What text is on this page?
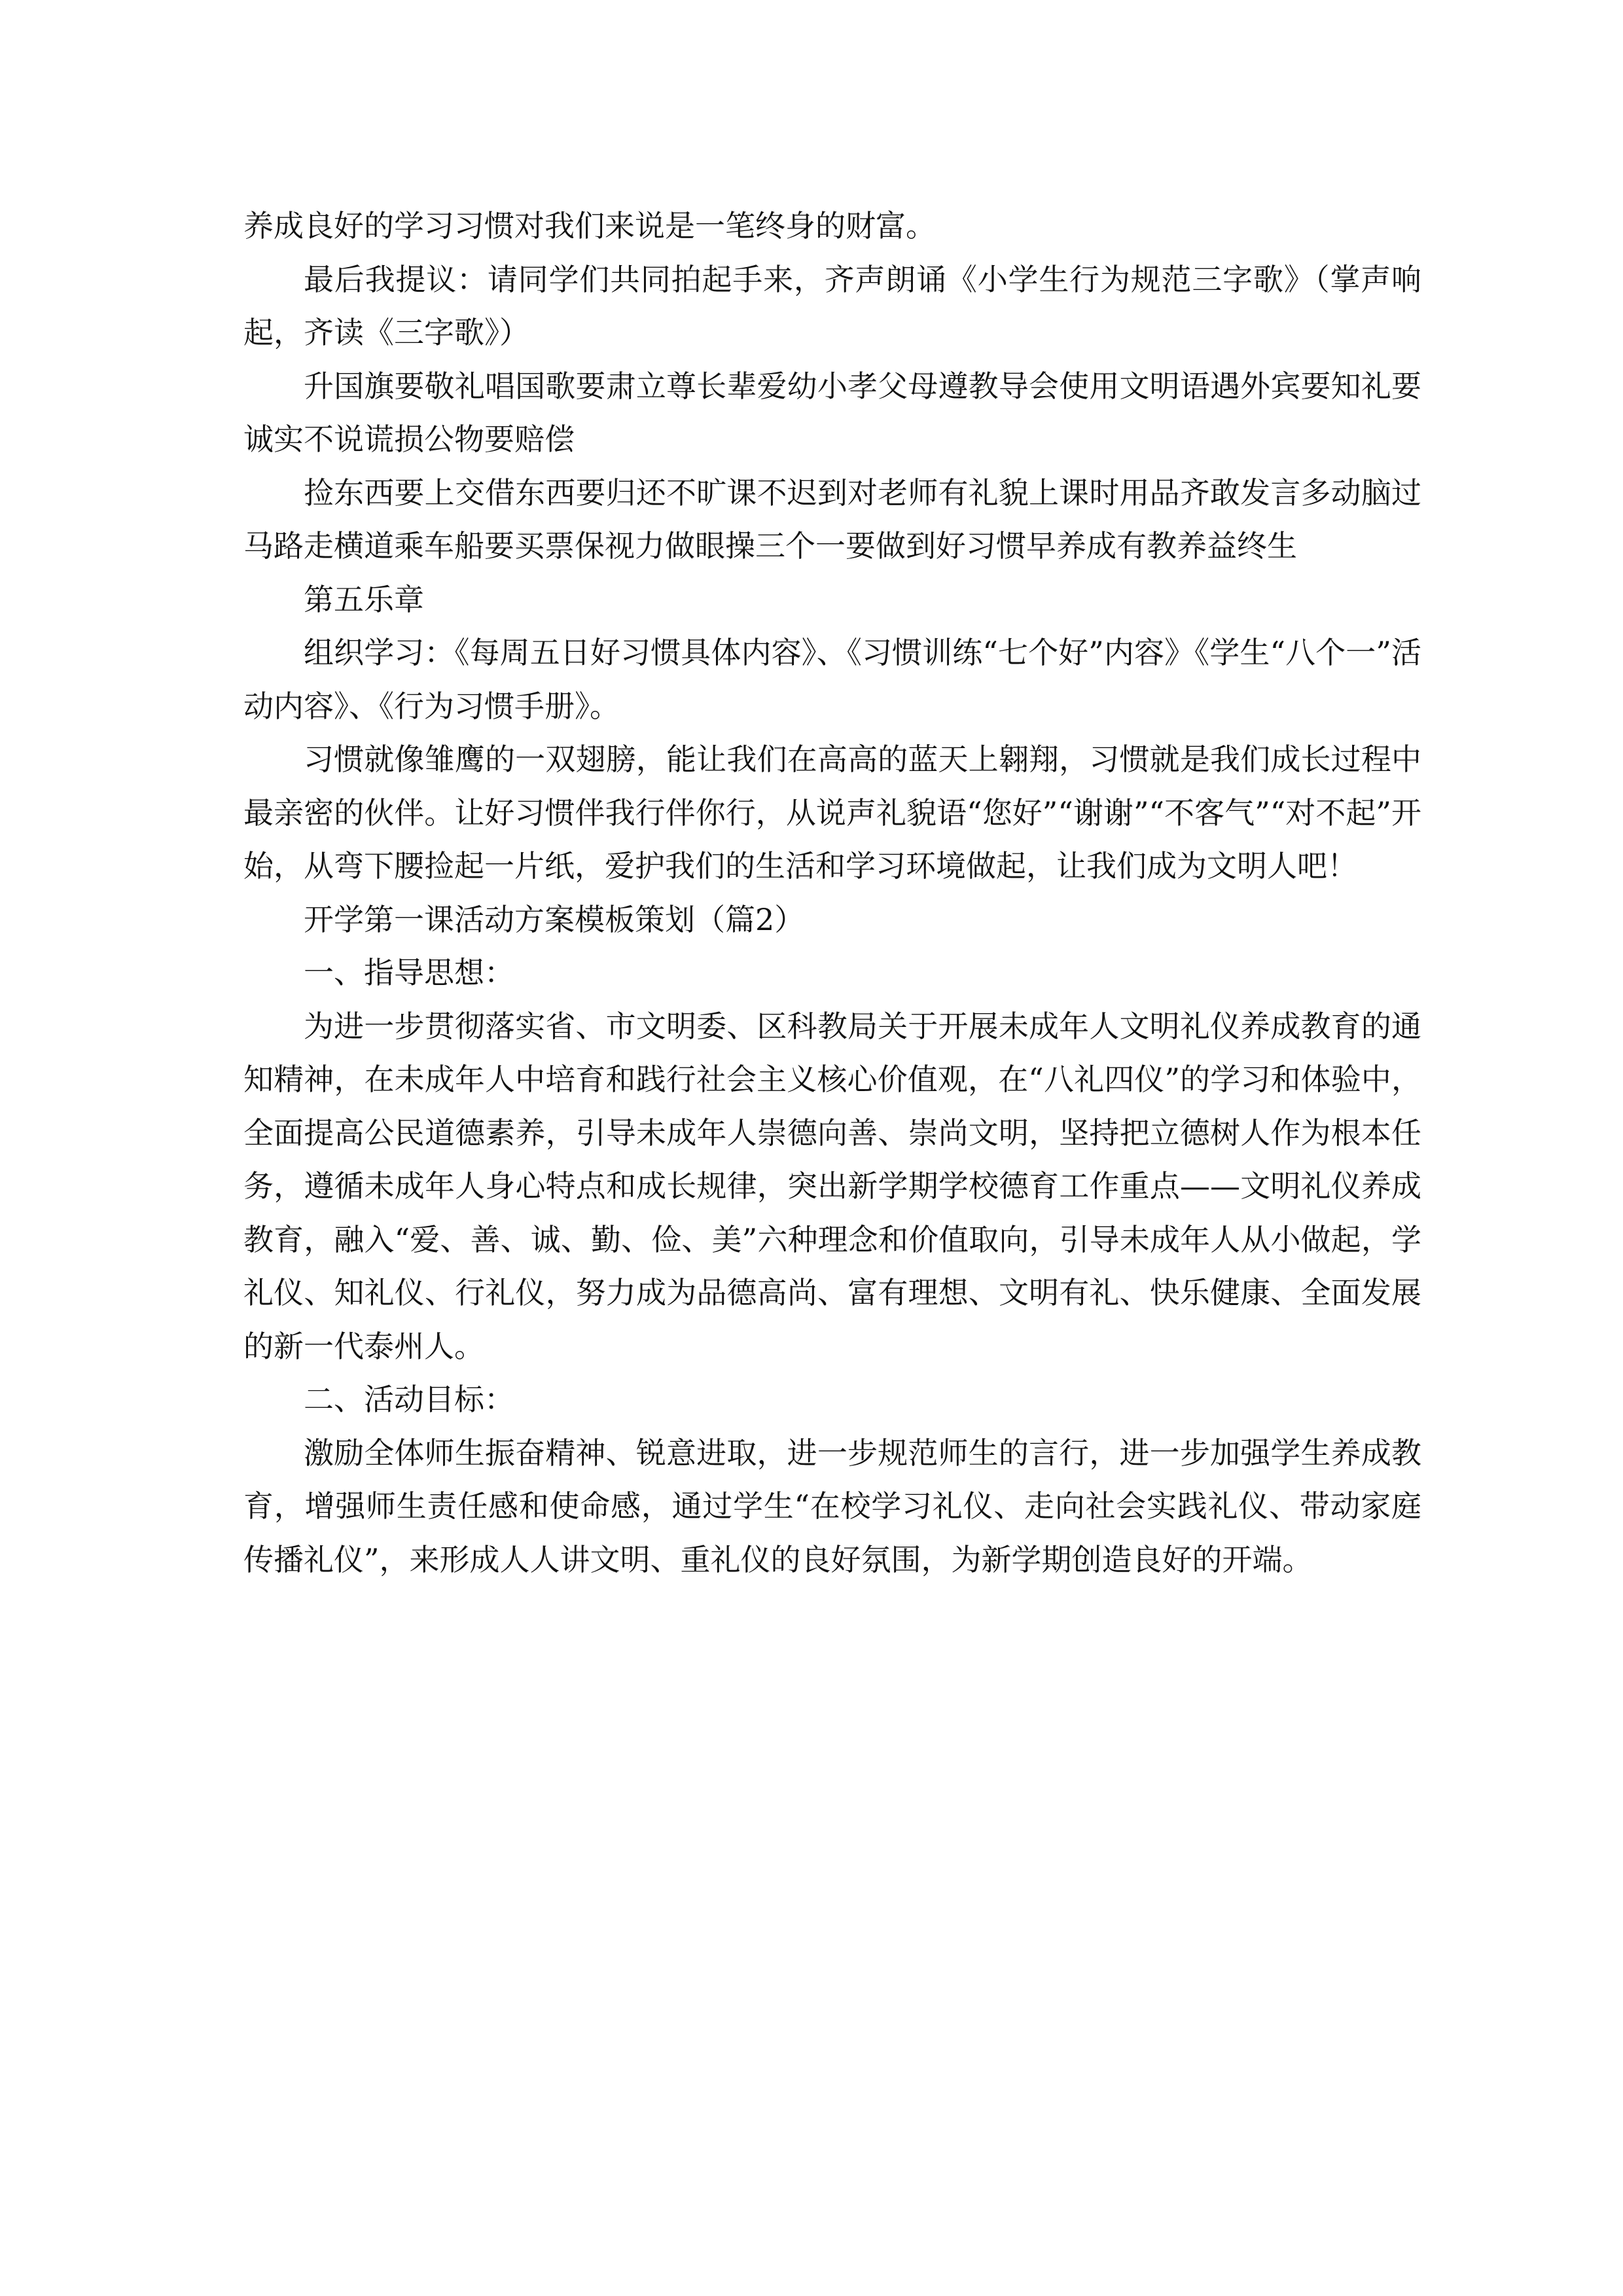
养成良好的学习习惯对我们来说是一笔终身的财富。

最后我提议：请同学们共同拍起手来，齐声朗诵《小学生行为规范三字歌》（掌声响起，齐读《三字歌》）

升国旗要敬礼唱国歌要肃立尊长辈爱幼小孝父母遵教导会使用文明语遇外宾要知礼要诚实不说谎损公物要赔偿

捡东西要上交借东西要归还不旷课不迟到对老师有礼貌上课时用品齐敢发言多动脑过马路走横道乘车船要买票保视力做眼操三个一要做到好习惯早养成有教养益终生

第五乐章

组织学习：《每周五日好习惯具体内容》、《习惯训练“七个好”内容》《学生“八个一”活动内容》、《行为习惯手册》。

习惯就像雏鹰的一双翅膀，能让我们在高高的蓝天上翱翔，习惯就是我们成长过程中最亲密的伙伴。让好习惯伴我行伴你行，从说声礼貌语“您好”“谢谢”“不客气”“对不起”开始，从弯下腰捡起一片纸，爱护我们的生活和学习环境做起，让我们成为文明人吧！

开学第一课活动方案模板策划（篇2）

一、指导思想：

为进一步贯彻落实省、市文明委、区科教局关于开展未成年人文明礼仪养成教育的通知精神，在未成年人中培育和践行社会主义核心价值观，在“八礼四仪”的学习和体验中，全面提高公民道德素养，引导未成年人崇德向善、崇尚文明，坚持把立德树人作为根本任务，遵循未成年人身心特点和成长规律，突出新学期学校德育工作重点——文明礼仪养成教育，融入“爱、善、诚、勤、俭、美”六种理念和价值取向，引导未成年人从小做起，学礼仪、知礼仪、行礼仪，努力成为品德高尚、富有理想、文明有礼、快乐健康、全面发展的新一代泰州人。

二、活动目标：

激励全体师生振奋精神、锐意进取，进一步规范师生的言行，进一步加强学生养成教育，增强师生责任感和使命感，通过学生“在校学习礼仪、走向社会实践礼仪、带动家庭传播礼仪”，来形成人人讲文明、重礼仪的良好氛围，为新学期创造良好的开端。
